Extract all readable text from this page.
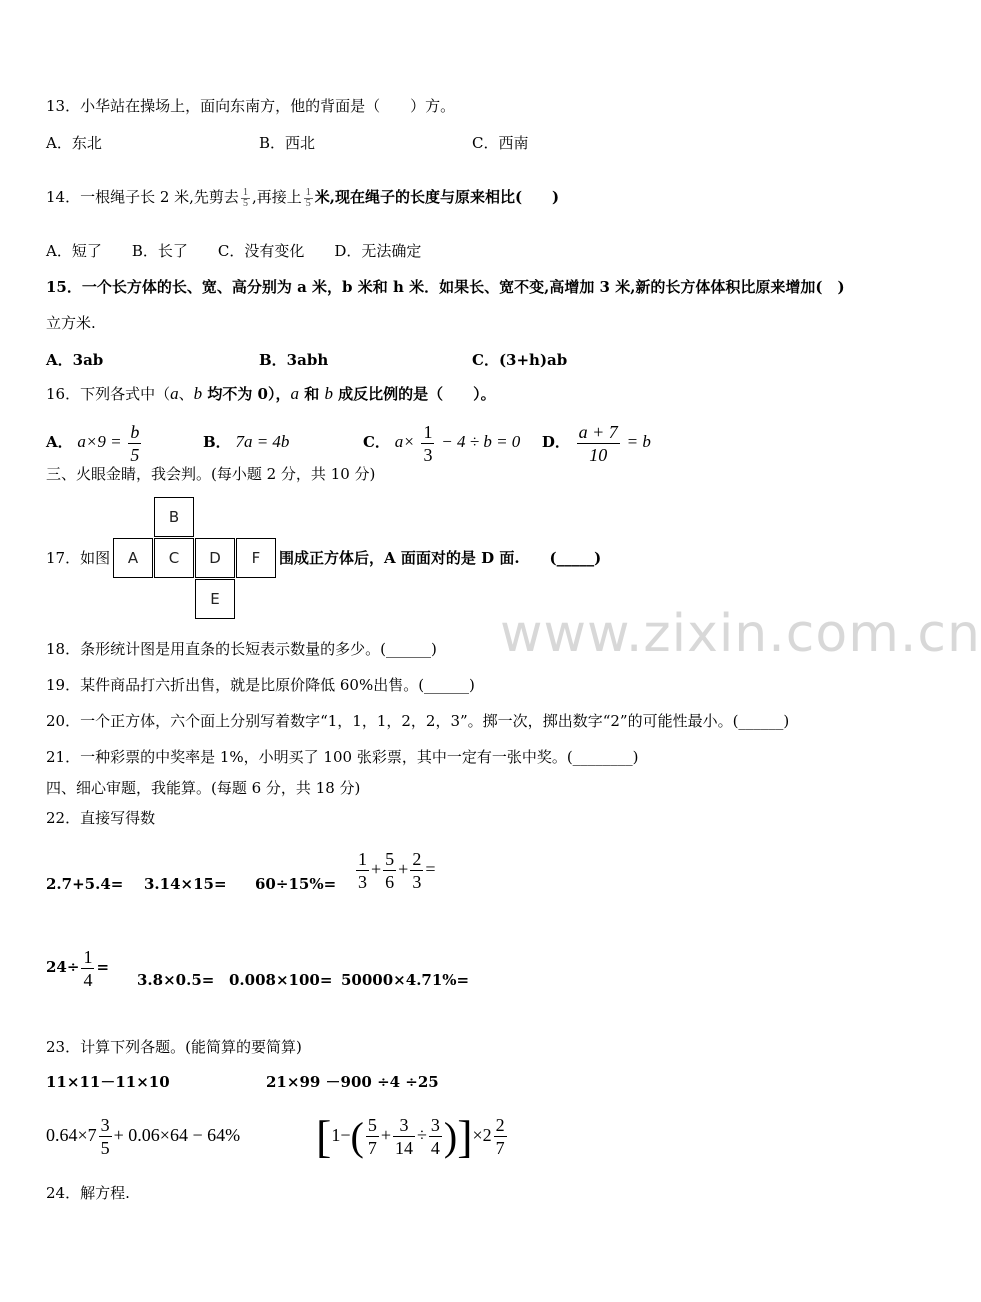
13．小华站在操场上，面向东南方，他的背面是（　　）方。
A．东北	B．西北	C．西南
14．一根绳子长 2 米,先剪去 $\frac{1}{5}$ ,再接上 $\frac{1}{5}$ 米,现在绳子的长度与原来相比(　　)
A．短了　　B．长了　　C．没有变化　　D．无法确定
15．一个长方体的长、宽、高分别为 a 米，b 米和 h 米．如果长、宽不变,高增加 3 米,新的长方体体积比原来增加(　)
立方米.
A．3ab	B．3abh	C．(3+h)ab
16．下列各式中（a、b 均不为 0），a 和 b 成反比例的是（　　）。
A． $a\times 9 = \frac{b}{5}$	B． 7a = 4b	C． $a\times \frac{1}{3} - 4 \div b = 0$ D． $\frac{a + 7}{10} = b$
三、火眼金睛，我会判。(每小题 2 分，共 10 分)
17．如图
B
A	C	D	F
E
围成正方体后，A 面面对的是 D 面.　　(_____)
www.zixin.com.cn
18．条形统计图是用直条的长短表示数量的多少。(______)
19．某件商品打六折出售，就是比原价降低 60%出售。(______)
20．一个正方体，六个面上分别写着数字“1，1，1，2，2，3”。掷一次，掷出数字“2”的可能性最小。(______)
21．一种彩票的中奖率是 1%，小明买了 100 张彩票，其中一定有一张中奖。(________)
四、细心审题，我能算。(每题 6 分，共 18 分)
22．直接写得数
$2.7+5.4= 3.14\times 15= 60\div 15\%= \frac{1}{3} + \frac{5}{6} + \frac{2}{3}$ =
$24\div \frac{1}{4}$ =
3.8×0.5= 0.008×100= 50000×4.71%=
23．计算下列各题。(能简算的要简算)
11×11－11×10	21×99 －900 ÷4 ÷25
$0.64\times 7 \frac{3}{5} + 0.06\times 64 - 64\%$ $[1-( \frac{5}{7} + \frac{3}{14} \div \frac{3}{4} )]\times 2 \frac{2}{7}$
24．解方程.
